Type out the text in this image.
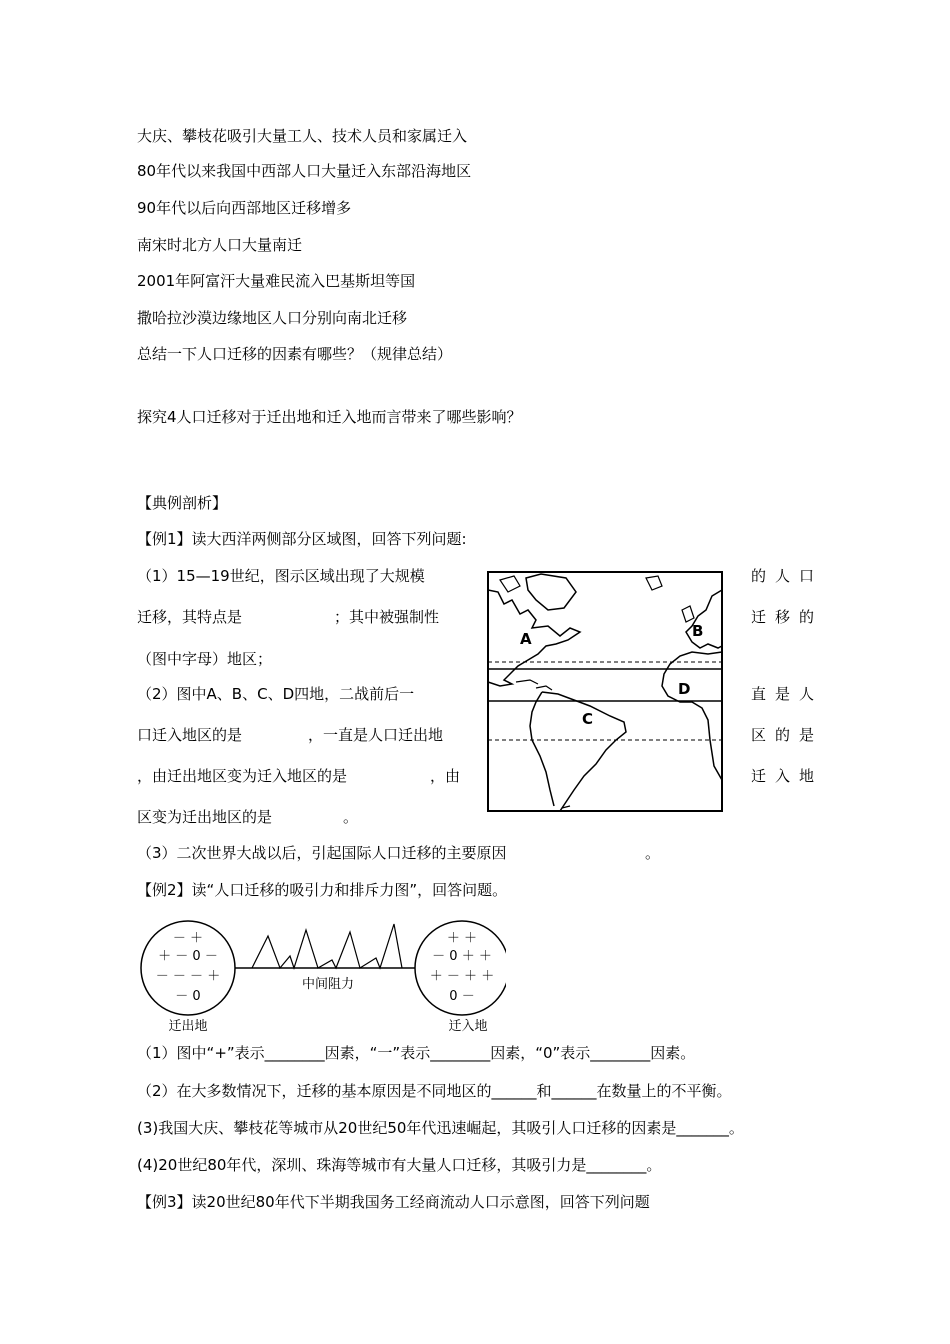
大庆、攀枝花吸引大量工人、技术人员和家属迁入
80年代以来我国中西部人口大量迁入东部沿海地区
90年代以后向西部地区迁移增多
南宋时北方人口大量南迁
2001年阿富汗大量难民流入巴基斯坦等国
撒哈拉沙漠边缘地区人口分别向南北迁移
总结一下人口迁移的因素有哪些？（规律总结）
探究4人口迁移对于迁出地和迁入地而言带来了哪些影响？
【典例剖析】
【例1】读大西洋两侧部分区域图，回答下列问题:
（1）15—19世纪，图示区域出现了大规模	的人口
迁移，其特点是	；其中被强制性	迁移的
（图中字母）地区；
（2）图中A、B、C、D四地，二战前后一	直是人
口迁入地区的是	，一直是人口迁出地	区的是
，由迁出地区变为迁入地区的是	，由	迁入地
区变为迁出地区的是	。
（3）二次世界大战以后，引起国际人口迁移的主要原因	。
A	B
C
D
【例2】读“人口迁移的吸引力和排斥力图”，回答问题。
－ ＋
＋ － 0 －
－ － － ＋
－ 0
＋ ＋
－ 0 ＋ ＋
＋ － ＋ ＋
0 －
中间阻力
迁出地	迁入地
（1）图中“+”表示________因素，“一”表示________因素，“0”表示________因素。
（2）在大多数情况下，迁移的基本原因是不同地区的______和______在数量上的不平衡。
(3)我国大庆、攀枝花等城市从20世纪50年代迅速崛起，其吸引人口迁移的因素是_______。
(4)20世纪80年代，深圳、珠海等城市有大量人口迁移，其吸引力是________。
【例3】读20世纪80年代下半期我国务工经商流动人口示意图，回答下列问题
